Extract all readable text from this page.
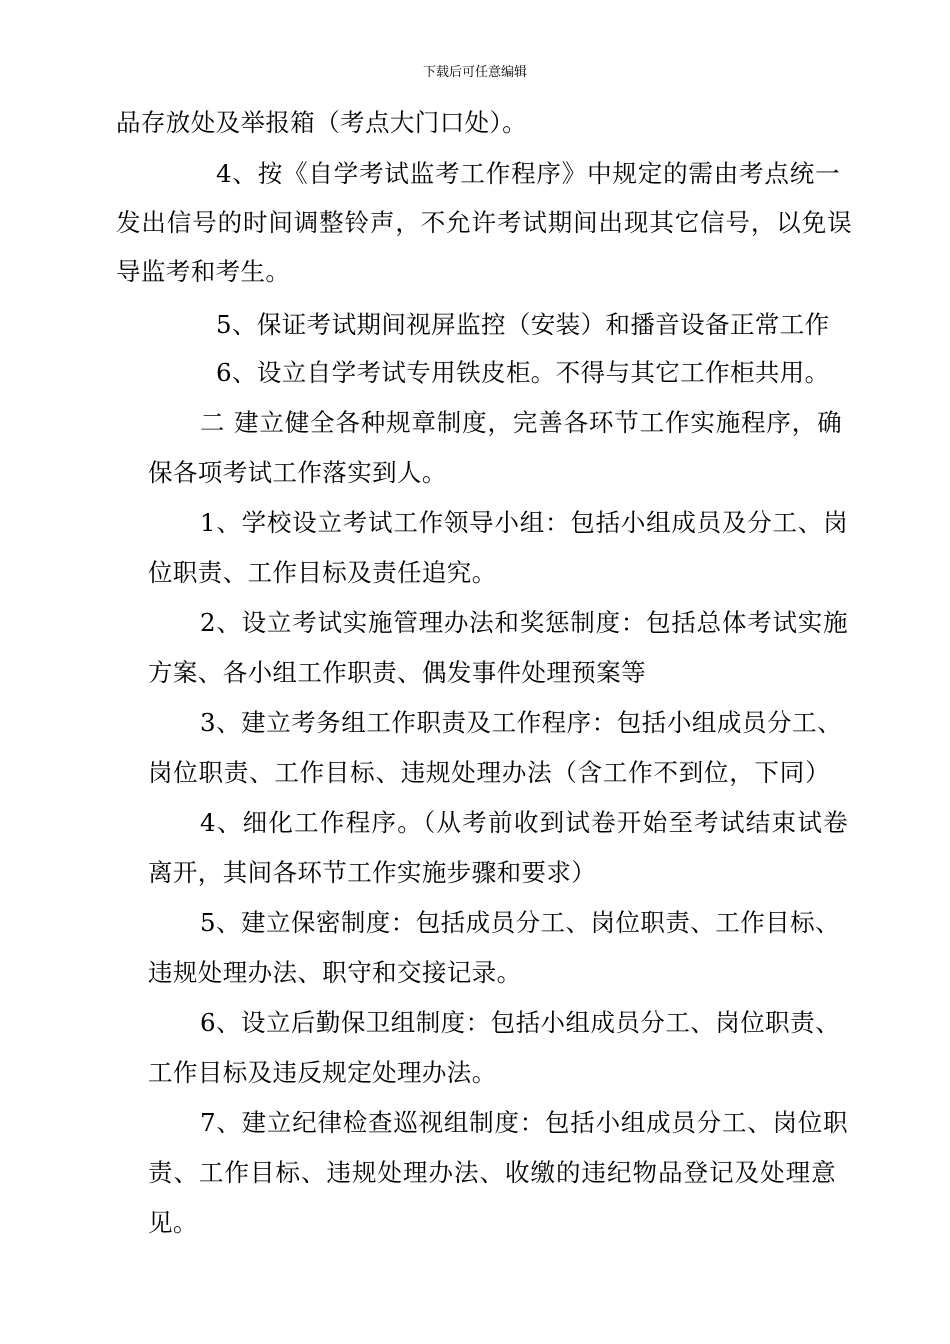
下载后可任意编辑
品存放处及举报箱（考点大门口处）。
4、按《自学考试监考工作程序》中规定的需由考点统一
发出信号的时间调整铃声，不允许考试期间出现其它信号，以免误
导监考和考生。
5、保证考试期间视屏监控（安装）和播音设备正常工作
6、设立自学考试专用铁皮柜。不得与其它工作柜共用。
二 建立健全各种规章制度，完善各环节工作实施程序，确
保各项考试工作落实到人。
1、学校设立考试工作领导小组：包括小组成员及分工、岗
位职责、工作目标及责任追究。
2、设立考试实施管理办法和奖惩制度：包括总体考试实施
方案、各小组工作职责、偶发事件处理预案等
3、建立考务组工作职责及工作程序：包括小组成员分工、
岗位职责、工作目标、违规处理办法（含工作不到位，下同）
4、细化工作程序。（从考前收到试卷开始至考试结束试卷
离开，其间各环节工作实施步骤和要求）
5、建立保密制度：包括成员分工、岗位职责、工作目标、
违规处理办法、职守和交接记录。
6、设立后勤保卫组制度：包括小组成员分工、岗位职责、
工作目标及违反规定处理办法。
7、建立纪律检查巡视组制度：包括小组成员分工、岗位职
责、工作目标、违规处理办法、收缴的违纪物品登记及处理意
见。
